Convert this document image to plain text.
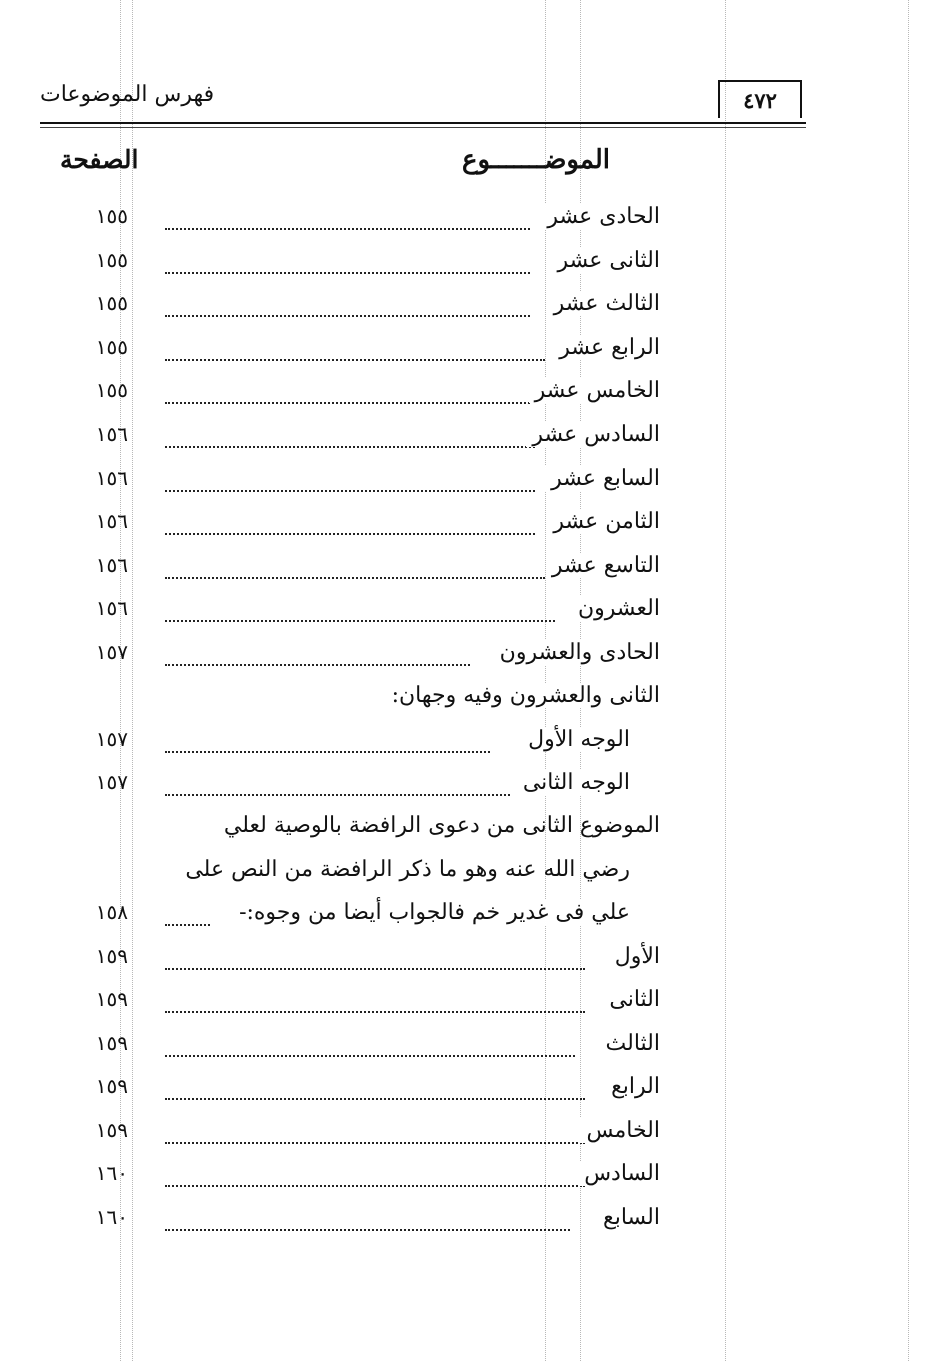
فهرس الموضوعات	٤٧٢
الموضـــــــوع
الصفحة
الحادى عشر
١٥٥
الثانى عشر
١٥٥
الثالث عشر
١٥٥
الرابع عشر
١٥٥
الخامس عشر
١٥٥
السادس عشر
١٥٦
السابع عشر
١٥٦
الثامن عشر
١٥٦
التاسع عشر
١٥٦
العشرون
١٥٦
الحادى والعشرون
١٥٧
الثانى والعشرون وفيه وجهان:
الوجه الأول
١٥٧
الوجه الثانى
١٥٧
الموضوع الثانى من دعوى الرافضة بالوصية لعلي
رضي الله عنه وهو ما ذكر الرافضة من النص على
علي فى غدير خم فالجواب أيضا من وجوه:-
١٥٨
الأول
١٥٩
الثانى
١٥٩
الثالث
١٥٩
الرابع
١٥٩
الخامس
١٥٩
السادس
١٦٠
السابع
١٦٠
